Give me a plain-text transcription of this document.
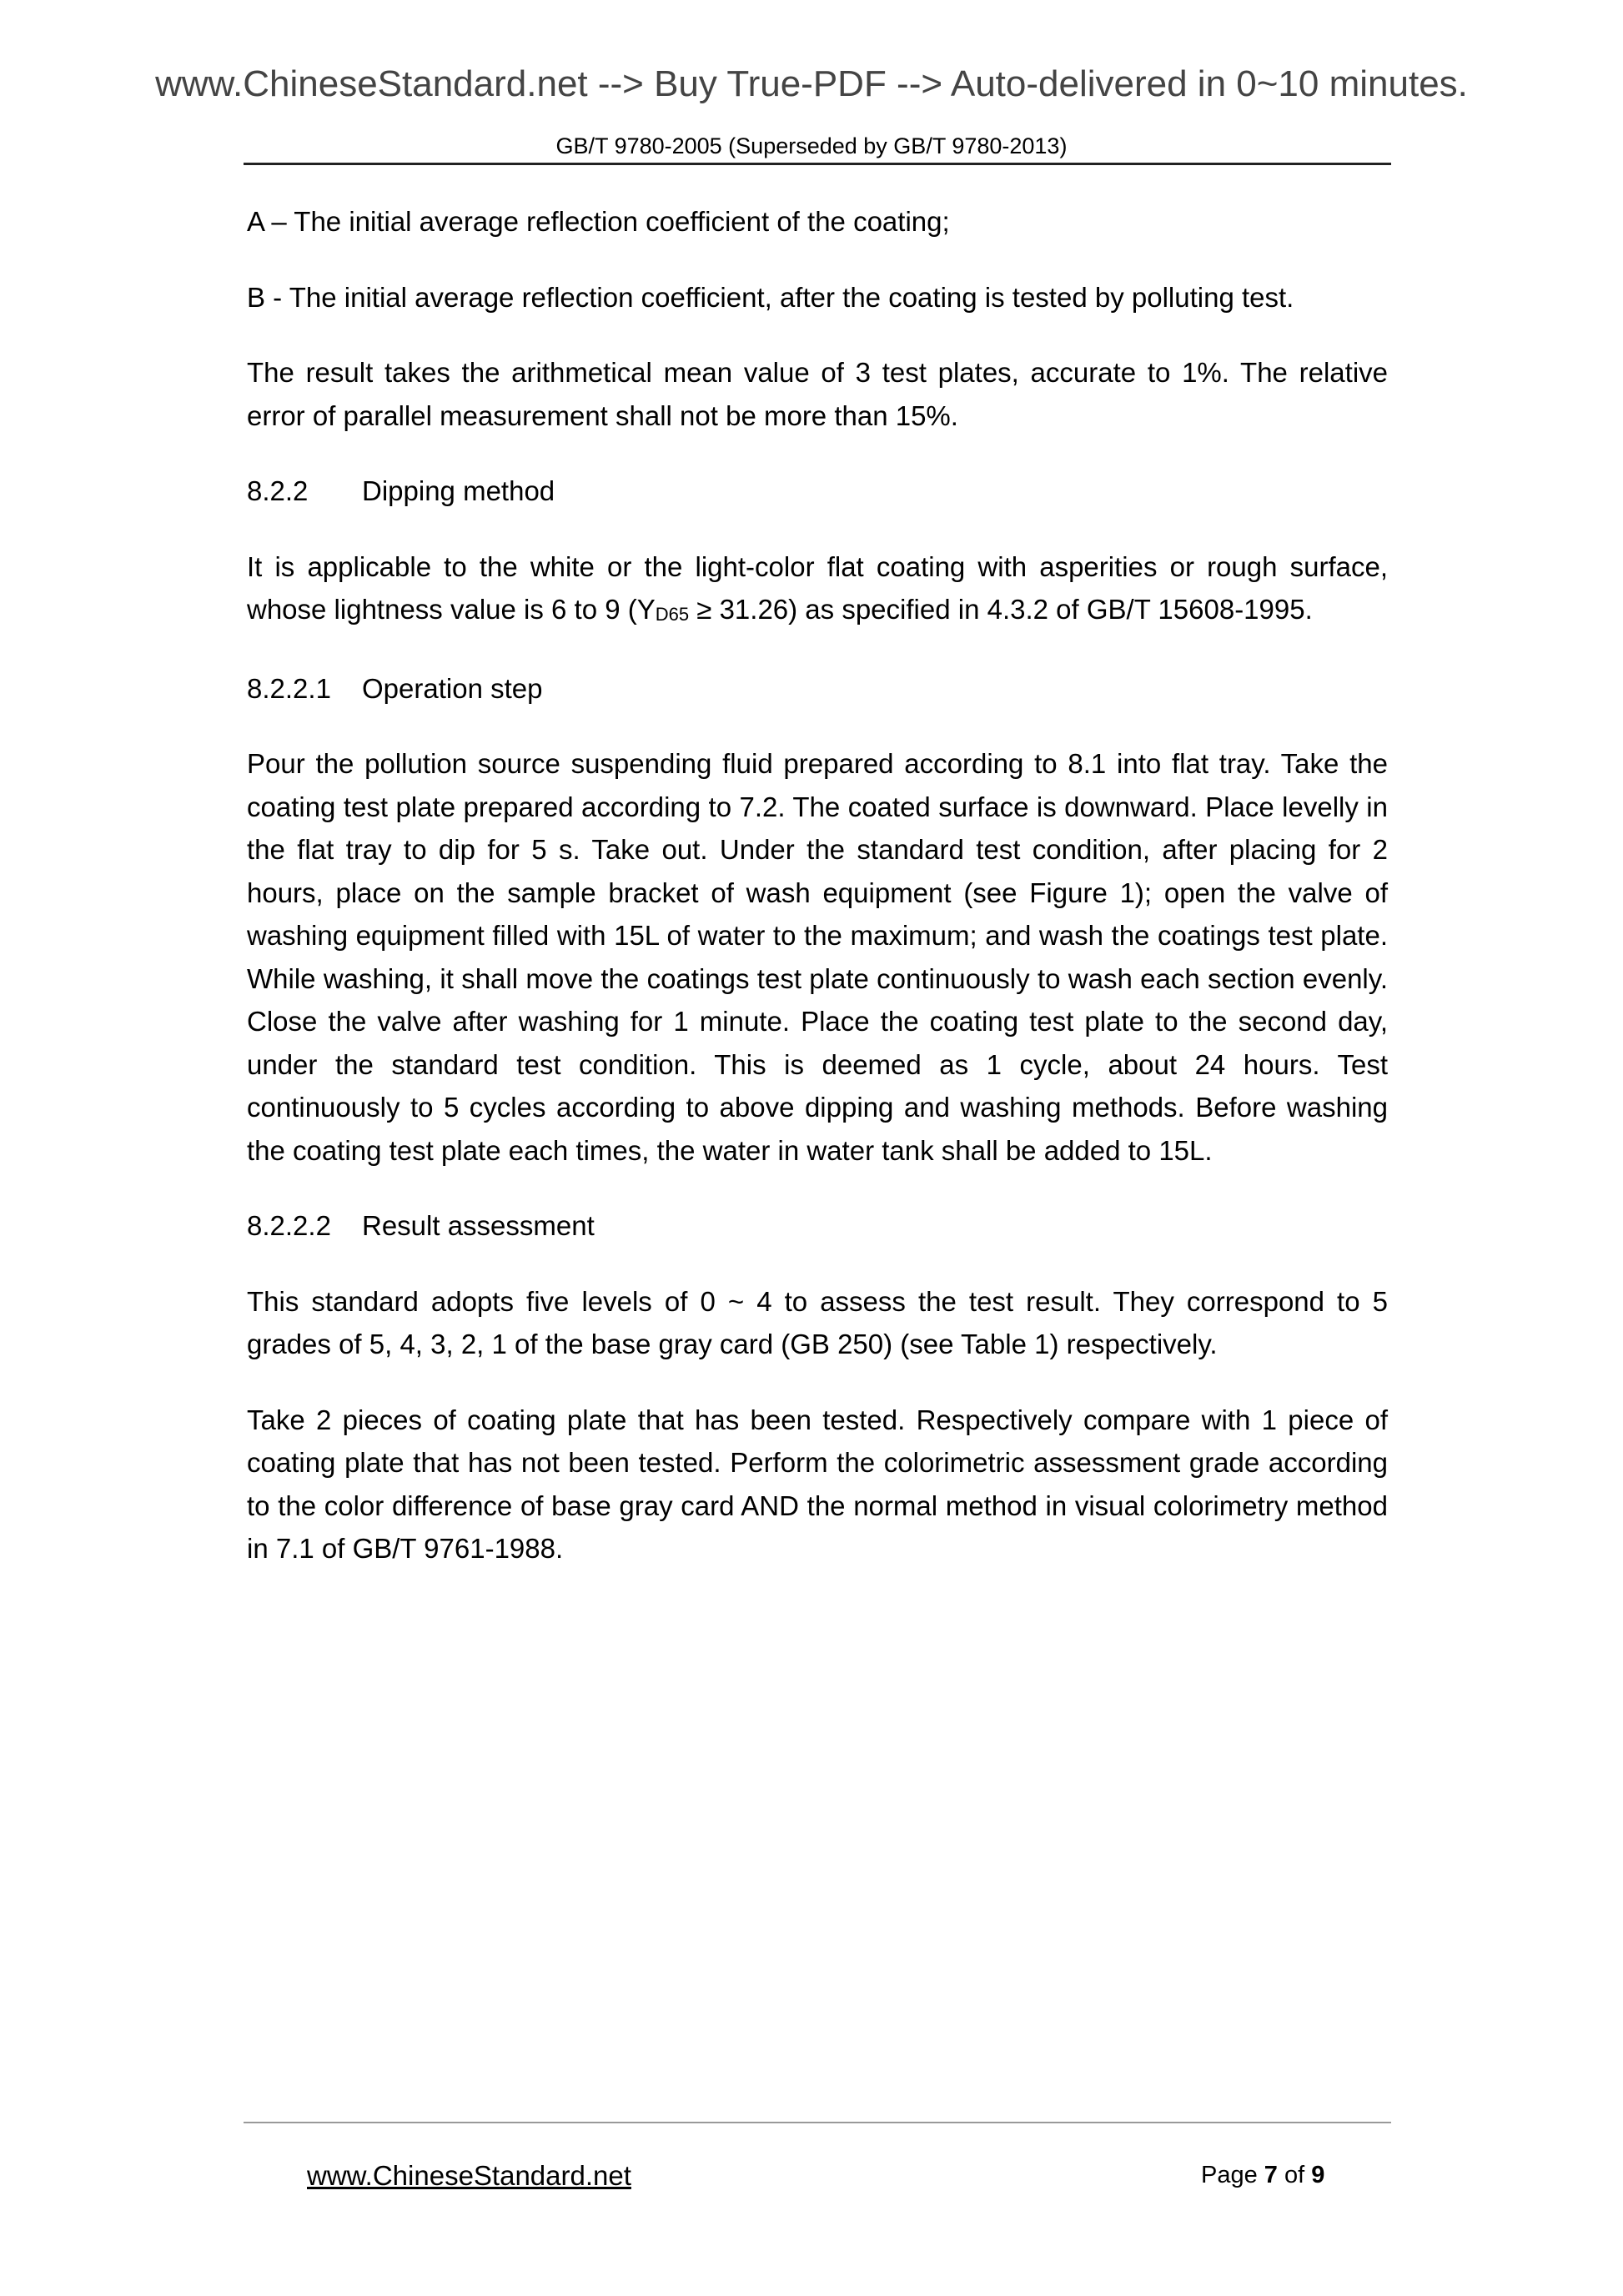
www.ChineseStandard.net --> Buy True-PDF --> Auto-delivered in 0~10 minutes.
GB/T 9780-2005 (Superseded by GB/T 9780-2013)

A – The initial average reflection coefficient of the coating;

B - The initial average reflection coefficient, after the coating is tested by polluting test.

The result takes the arithmetical mean value of 3 test plates, accurate to 1%. The relative error of parallel measurement shall not be more than 15%.

8.2.2 Dipping method

It is applicable to the white or the light-color flat coating with asperities or rough surface, whose lightness value is 6 to 9 $(Y_{D65} \ge 31.26)$ as specified in 4.3.2 of GB/T 15608-1995.

8.2.2.1 Operation step

Pour the pollution source suspending fluid prepared according to 8.1 into flat tray. Take the coating test plate prepared according to 7.2. The coated surface is downward. Place levelly in the flat tray to dip for 5 s. Take out. Under the standard test condition, after placing for 2 hours, place on the sample bracket of wash equipment (see Figure 1); open the valve of washing equipment filled with 15L of water to the maximum; and wash the coatings test plate. While washing, it shall move the coatings test plate continuously to wash each section evenly. Close the valve after washing for 1 minute. Place the coating test plate to the second day, under the standard test condition. This is deemed as 1 cycle, about 24 hours. Test continuously to 5 cycles according to above dipping and washing methods. Before washing the coating test plate each times, the water in water tank shall be added to 15L.

8.2.2.2 Result assessment

This standard adopts five levels of 0 ~ 4 to assess the test result. They correspond to 5 grades of 5, 4, 3, 2, 1 of the base gray card (GB 250) (see Table 1) respectively.

Take 2 pieces of coating plate that has been tested. Respectively compare with 1 piece of coating plate that has not been tested. Perform the colorimetric assessment grade according to the color difference of base gray card AND the normal method in visual colorimetry method in 7.1 of GB/T 9761-1988.

www.ChineseStandard.net	Page 7 of 9
